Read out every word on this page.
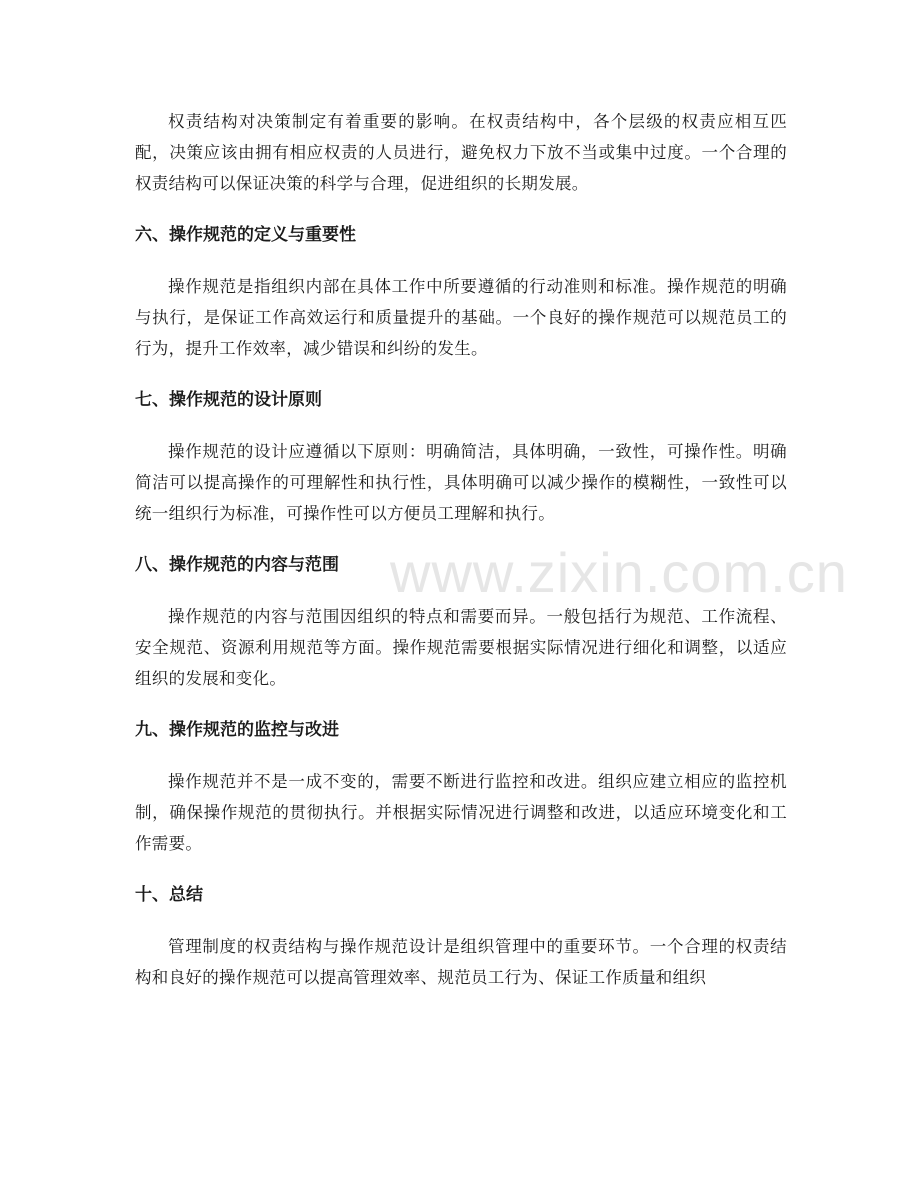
权责结构对决策制定有着重要的影响。在权责结构中，各个层级的权责应相互匹配，决策应该由拥有相应权责的人员进行，避免权力下放不当或集中过度。一个合理的权责结构可以保证决策的科学与合理，促进组织的长期发展。

六、操作规范的定义与重要性

操作规范是指组织内部在具体工作中所要遵循的行动准则和标准。操作规范的明确与执行，是保证工作高效运行和质量提升的基础。一个良好的操作规范可以规范员工的行为，提升工作效率，减少错误和纠纷的发生。

七、操作规范的设计原则

操作规范的设计应遵循以下原则：明确简洁，具体明确，一致性，可操作性。明确简洁可以提高操作的可理解性和执行性，具体明确可以减少操作的模糊性，一致性可以统一组织行为标准，可操作性可以方便员工理解和执行。

八、操作规范的内容与范围

操作规范的内容与范围因组织的特点和需要而异。一般包括行为规范、工作流程、安全规范、资源利用规范等方面。操作规范需要根据实际情况进行细化和调整，以适应组织的发展和变化。

九、操作规范的监控与改进

操作规范并不是一成不变的，需要不断进行监控和改进。组织应建立相应的监控机制，确保操作规范的贯彻执行。并根据实际情况进行调整和改进，以适应环境变化和工作需要。

十、总结

管理制度的权责结构与操作规范设计是组织管理中的重要环节。一个合理的权责结构和良好的操作规范可以提高管理效率、规范员工行为、保证工作质量和组织

www.zixin.com.cn
